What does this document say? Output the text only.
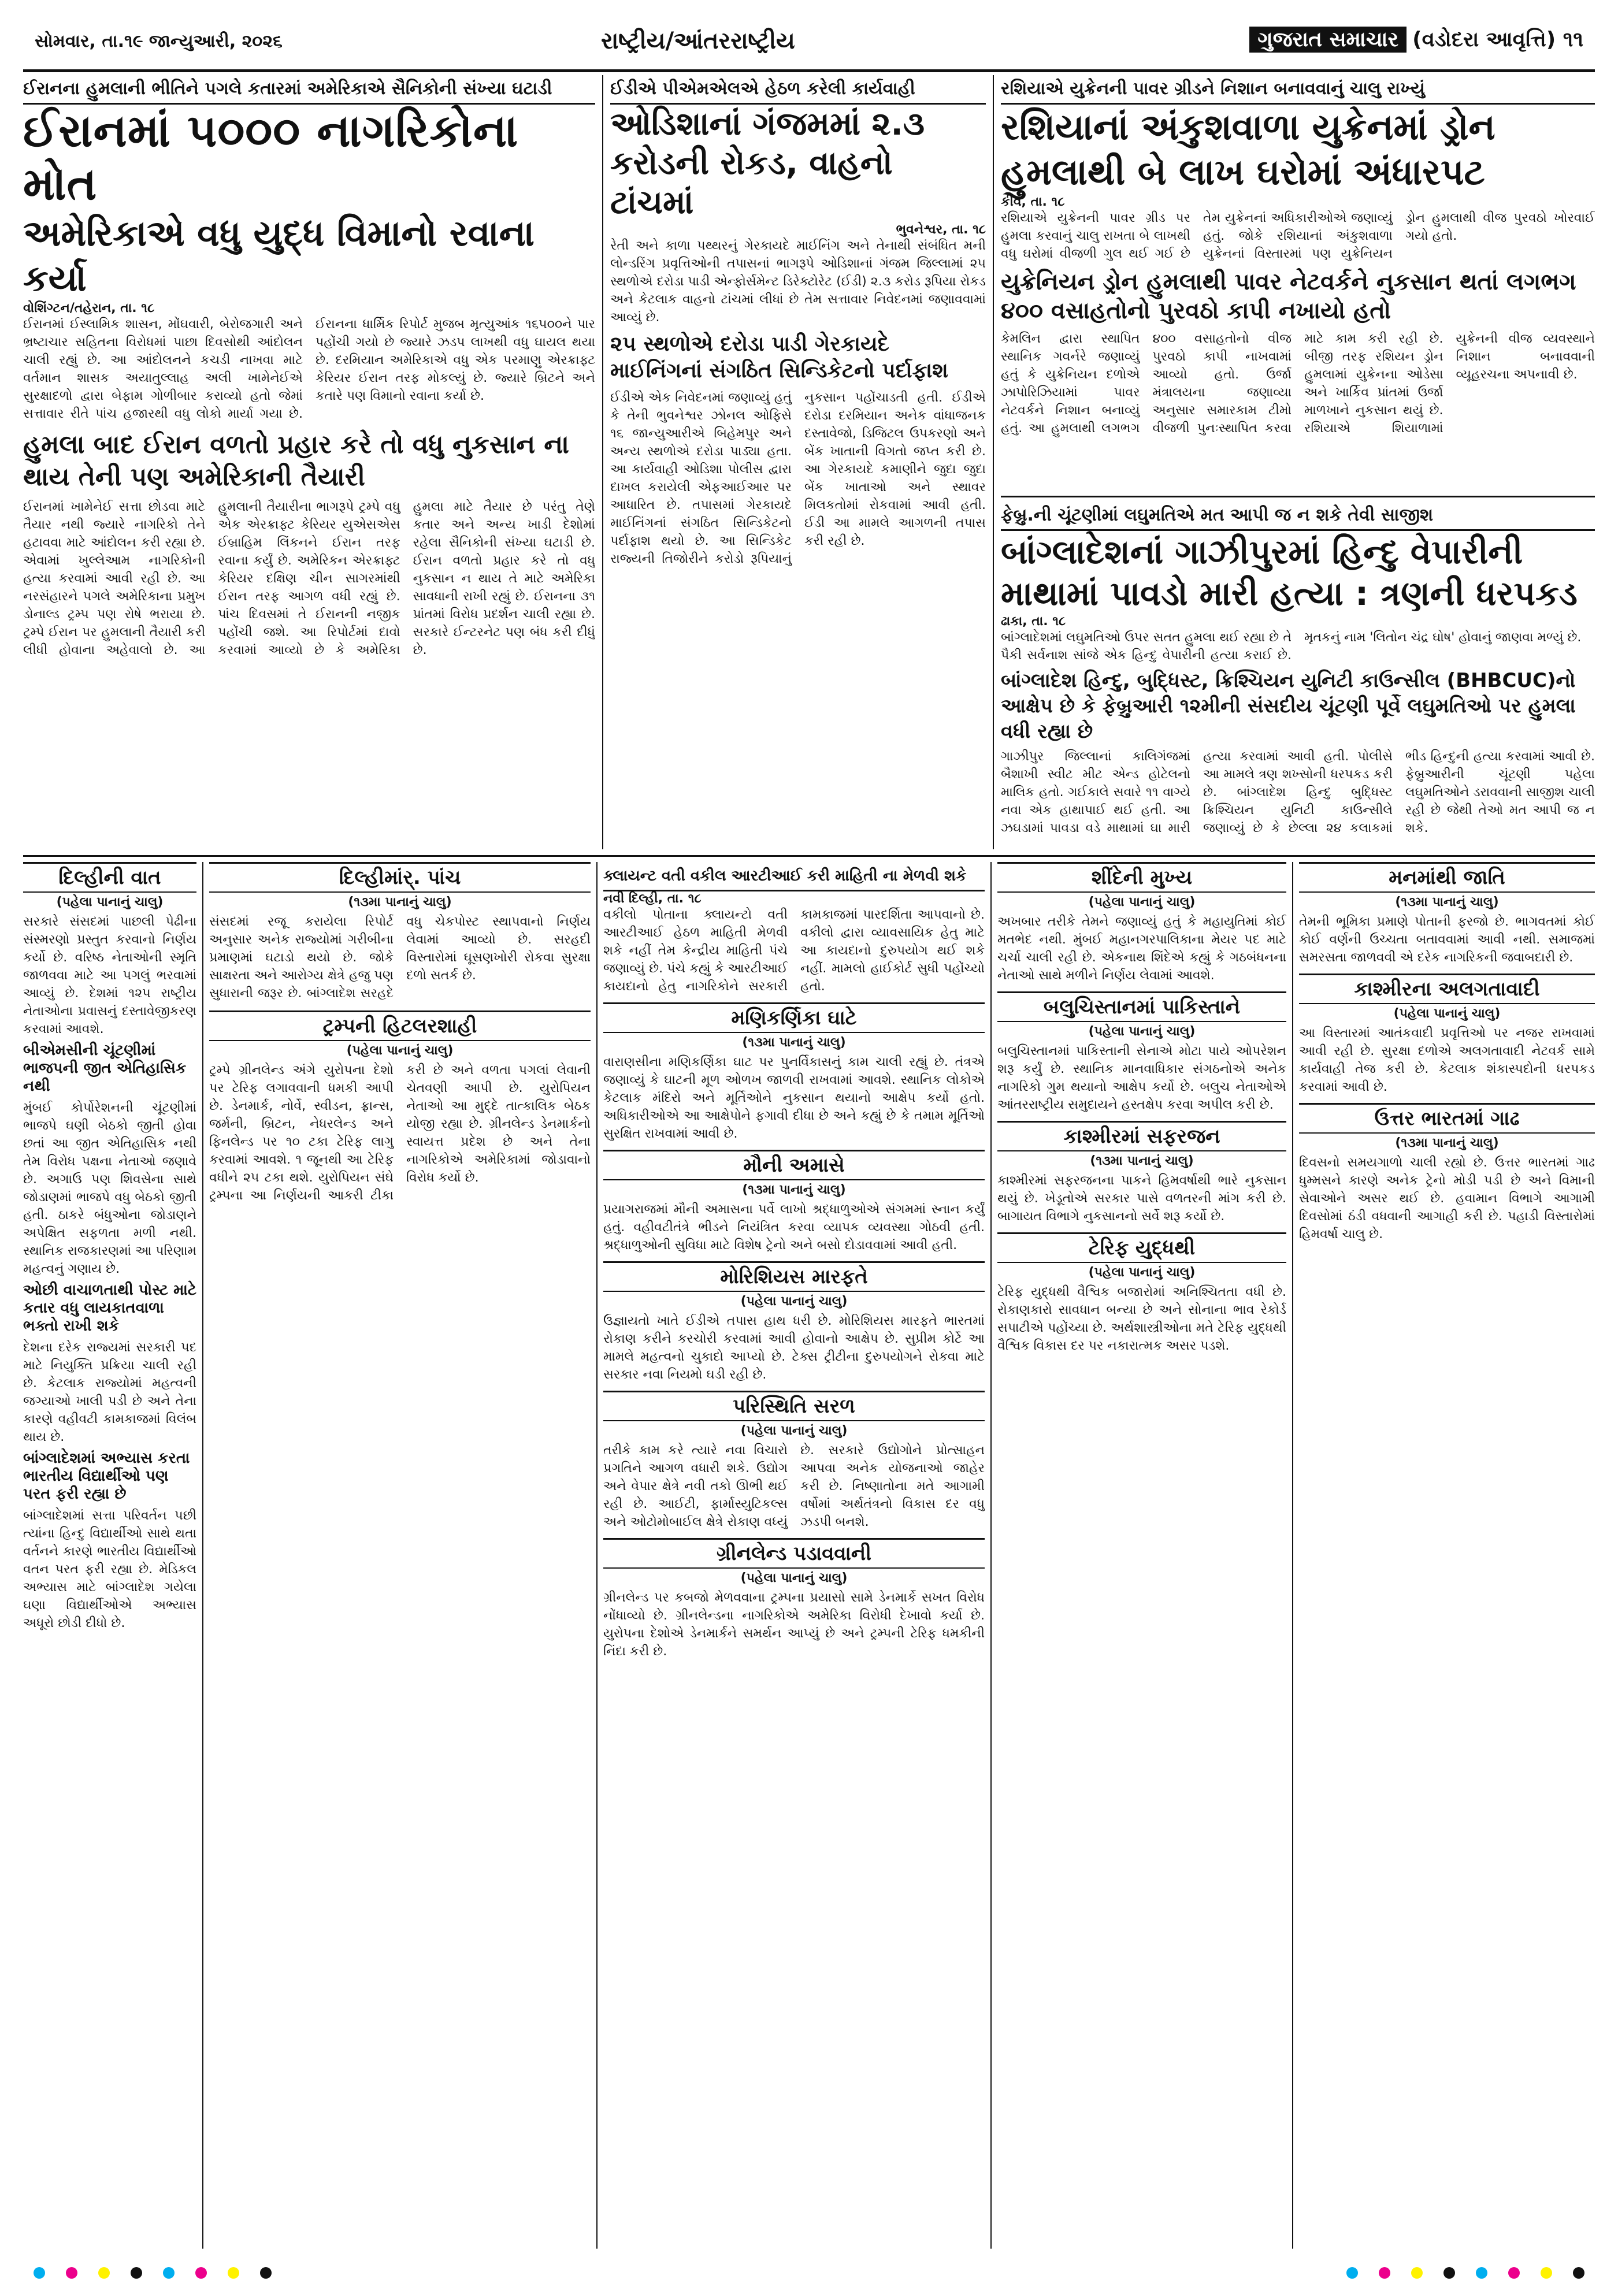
સોમવાર, તા.૧૯ જાન્યુઆરી, ૨૦૨૬	રાષ્ટ્રીય/આંતરરાષ્ટ્રીય	ગુજરાત સમાચાર (વડોદરા આવૃત્તિ) ૧૧
ઈરાનના હુમલાની ભીતિને પગલે કતારમાં અમેરિકાએ સૈનિકોની સંખ્યા ઘટાડી
ઈરાનમાં ૫૦૦૦ નાગરિકોના મોત
અમેરિકાએ વધુ યુદ્ધ વિમાનો રવાના કર્યા
વોશિંગ્ટન/તહેરાન, તા. ૧૮
ઈરાનમાં ઈસ્લામિક શાસન, મોંઘવારી, બેરોજગારી અને ભ્રષ્ટાચાર સહિતના વિરોધમાં પાછા દિવસોથી આંદોલન ચાલી રહ્યું છે. આ આંદોલનને કચડી નાખવા માટે વર્તમાન શાસક અયાતુલ્લાહ અલી ખામેનેઈએ સુરક્ષાદળો દ્વારા બેફામ ગોળીબાર કરાવ્યો હતો જેમાં સત્તાવાર રીતે પાંચ હજારથી વધુ લોકો માર્યા ગયા છે. ઈરાનના ધાર્મિક રિપોર્ટ મુજબ મૃત્યુઆંક ૧૬૫૦૦ને પાર પહોંચી ગયો છે જ્યારે ઝડપ લાખથી વધુ ઘાયલ થયા છે. દરમિયાન અમેરિકાએ વધુ એક પરમાણુ એરક્રાફ્ટ કેરિયર ઈરાન તરફ મોકલ્યું છે. જ્યારે બ્રિટને અને કતારે પણ વિમાનો રવાના કર્યા છે.
હુમલા બાદ ઈરાન વળતો પ્રહાર કરે તો વધુ નુકસાન ના થાય તેની પણ અમેરિકાની તૈયારી
ઈરાનમાં ખામેનેઈ સત્તા છોડવા માટે તૈયાર નથી જ્યારે નાગરિકો તેને હટાવવા માટે આંદોલન કરી રહ્યા છે. એવામાં ખુલ્લેઆમ નાગરિકોની હત્યા કરવામાં આવી રહી છે. આ નરસંહારને પગલે અમેરિકાના પ્રમુખ ડોનાલ્ડ ટ્રમ્પ પણ રોષે ભરાયા છે. ટ્રમ્પે ઈરાન પર હુમલાની તૈયારી કરી લીધી હોવાના અહેવાલો છે. આ હુમલાની તૈયારીના ભાગરૂપે ટ્રમ્પે વધુ એક એરક્રાફ્ટ કેરિયર યુએસએસ ઈબ્રાહિમ લિંકનને ઈરાન તરફ રવાના કર્યું છે. અમેરિકન એરક્રાફ્ટ કેરિયર દક્ષિણ ચીન સાગરમાંથી ઈરાન તરફ આગળ વધી રહ્યું છે. પાંચ દિવસમાં તે ઈરાનની નજીક પહોંચી જશે. આ રિપોર્ટમાં દાવો કરવામાં આવ્યો છે કે અમેરિકા હુમલા માટે તૈયાર છે પરંતુ તેણે કતાર અને અન્ય ખાડી દેશોમાં રહેલા સૈનિકોની સંખ્યા ઘટાડી છે. ઈરાન વળતો પ્રહાર કરે તો વધુ નુકસાન ન થાય તે માટે અમેરિકા સાવધાની રાખી રહ્યું છે. ઈરાનના ૩૧ પ્રાંતમાં વિરોધ પ્રદર્શન ચાલી રહ્યા છે. સરકારે ઈન્ટરનેટ પણ બંધ કરી દીધું છે.
ઈડીએ પીએમએલએ હેઠળ કરેલી કાર્યવાહી
ઓડિશાનાં ગંજમમાં ૨.૩ કરોડની રોકડ, વાહનો ટાંચમાં
ભુવનેશ્વર, તા. ૧૮
રેતી અને કાળા પથ્થરનું ગેરકાયદે માઈનિંગ અને તેનાથી સંબંધિત મની લોન્ડરિંગ પ્રવૃત્તિઓની તપાસનાં ભાગરૂપે ઓડિશાનાં ગંજમ જિલ્લામાં ૨૫ સ્થળોએ દરોડા પાડી એન્ફોર્સમેન્ટ ડિરેક્ટોરેટ (ઈડી) ૨.૩ કરોડ રૂપિયા રોકડ અને કેટલાક વાહનો ટાંચમાં લીધાં છે તેમ સત્તાવાર નિવેદનમાં જણાવવામાં આવ્યું છે.
૨૫ સ્થળોએ દરોડા પાડી ગેરકાયદે માઈનિંગનાં સંગઠિત સિન્ડિકેટનો પર્દાફાશ
ઈડીએ એક નિવેદનમાં જણાવ્યું હતું કે તેની ભુવનેશ્વર ઝોનલ ઓફિસે ૧૬ જાન્યુઆરીએ બિહેમપુર અને અન્ય સ્થળોએ દરોડા પાડ્યા હતા. આ કાર્યવાહી ઓડિશા પોલીસ દ્વારા દાખલ કરાયેલી એફઆઈઆર પર આધારિત છે. તપાસમાં ગેરકાયદે માઈનિંગનાં સંગઠિત સિન્ડિકેટનો પર્દાફાશ થયો છે. આ સિન્ડિકેટ રાજ્યની તિજોરીને કરોડો રૂપિયાનું નુકસાન પહોંચાડતી હતી. ઈડીએ દરોડા દરમિયાન અનેક વાંધાજનક દસ્તાવેજો, ડિજિટલ ઉપકરણો અને બેંક ખાતાની વિગતો જપ્ત કરી છે. આ ગેરકાયદે કમાણીને જુદા જુદા બેંક ખાતાઓ અને સ્થાવર મિલકતોમાં રોકવામાં આવી હતી. ઈડી આ મામલે આગળની તપાસ કરી રહી છે.
રશિયાએ યુક્રેનની પાવર ગ્રીડને નિશાન બનાવવાનું ચાલુ રાખ્યું
રશિયાનાં અંકુશવાળા યુક્રેનમાં ડ્રોન હુમલાથી બે લાખ ઘરોમાં અંધારપટ
કીવ, તા. ૧૮
રશિયાએ યુક્રેનની પાવર ગ્રીડ પર હુમલા કરવાનું ચાલુ રાખતા બે લાખથી વધુ ઘરોમાં વીજળી ગુલ થઈ ગઈ છે તેમ યુક્રેનનાં અધિકારીઓએ જણાવ્યું હતું. જોકે રશિયાનાં અંકુશવાળા યુક્રેનનાં વિસ્તારમાં પણ યુક્રેનિયન ડ્રોન હુમલાથી વીજ પુરવઠો ખોરવાઈ ગયો હતો.
યુક્રેનિયન ડ્રોન હુમલાથી પાવર નેટવર્કને નુકસાન થતાં લગભગ ૪૦૦ વસાહતોનો પુરવઠો કાપી નખાયો હતો
કેમલિન દ્વારા સ્થાપિત સ્થાનિક ગવર્નરે જણાવ્યું હતું કે યુક્રેનિયન દળોએ ઝાપોરિઝિયામાં પાવર નેટવર્કને નિશાન બનાવ્યું હતું. આ હુમલાથી લગભગ ૪૦૦ વસાહતોનો વીજ પુરવઠો કાપી નાખવામાં આવ્યો હતો. ઉર્જા મંત્રાલયના જણાવ્યા અનુસાર સમારકામ ટીમો વીજળી પુનઃસ્થાપિત કરવા માટે કામ કરી રહી છે. બીજી તરફ રશિયન ડ્રોન હુમલામાં યુક્રેનના ઓડેસા અને ખાર્કિવ પ્રાંતમાં ઉર્જા માળખાને નુકસાન થયું છે. રશિયાએ શિયાળામાં યુક્રેનની વીજ વ્યવસ્થાને નિશાન બનાવવાની વ્યૂહરચના અપનાવી છે.
ફેબ્રુ.ની ચૂંટણીમાં લઘુમતિએ મત આપી જ ન શકે તેવી સાજીશ
બાંગ્લાદેશનાં ગાઝીપુરમાં હિન્દુ વેપારીની માથામાં પાવડો મારી હત્યા : ત્રણની ધરપકડ
ઢાકા, તા. ૧૮
બાંગ્લાદેશમાં લઘુમતિઓ ઉપર સતત હુમલા થઈ રહ્યા છે તે પૈકી સર્વનાશ સાંજે એક હિન્દુ વેપારીની હત્યા કરાઈ છે. મૃતકનું નામ 'લિતોન ચંદ્ર ઘોષ' હોવાનું જાણવા મળ્યું છે.
બાંગ્લાદેશ હિન્દુ, બુદ્ધિસ્ટ, ક્રિશ્ચિયન યુનિટી કાઉન્સીલ (BHBCUC)નો આક્ષેપ છે કે ફેબ્રુઆરી ૧૨મીની સંસદીય ચૂંટણી પૂર્વે લઘુમતિઓ પર હુમલા વધી રહ્યા છે
ગાઝીપુર જિલ્લાનાં કાલિગંજમાં બૈશાખી સ્વીટ મીટ એન્ડ હોટેલનો માલિક હતો. ગઈકાલે સવારે ૧૧ વાગ્યે નવા એક હાથાપાઈ થઈ હતી. આ ઝઘડામાં પાવડા વડે માથામાં ઘા મારી હત્યા કરવામાં આવી હતી. પોલીસે આ મામલે ત્રણ શખ્સોની ધરપકડ કરી છે. બાંગ્લાદેશ હિન્દુ બુદ્ધિસ્ટ ક્રિશ્ચિયન યુનિટી કાઉન્સીલે જણાવ્યું છે કે છેલ્લા ૨૪ કલાકમાં ભીડ હિન્દુની હત્યા કરવામાં આવી છે. ફેબ્રુઆરીની ચૂંટણી પહેલા લઘુમતિઓને ડરાવવાની સાજીશ ચાલી રહી છે જેથી તેઓ મત આપી જ ન શકે.
દિલ્હીની વાત
(પહેલા પાનાનું ચાલુ)
સરકારે સંસદમાં પાછલી પેઢીના સંસ્મરણો પ્રસ્તુત કરવાનો નિર્ણય કર્યો છે. વરિષ્ઠ નેતાઓની સ્મૃતિ જાળવવા માટે આ પગલું ભરવામાં આવ્યું છે. દેશમાં ૧૨૫ રાષ્ટ્રીય નેતાઓના પ્રવાસનું દસ્તાવેજીકરણ કરવામાં આવશે.
બીએમસીની ચૂંટણીમાં ભાજપની જીત એતિહાસિક નથી
મુંબઈ કોર્પોરેશનની ચૂંટણીમાં ભાજપે ઘણી બેઠકો જીતી હોવા છતાં આ જીત એતિહાસિક નથી તેમ વિરોધ પક્ષના નેતાઓ જણાવે છે. અગાઉ પણ શિવસેના સાથે જોડાણમાં ભાજપે વધુ બેઠકો જીતી હતી. ઠાકરે બંધુઓના જોડાણને અપેક્ષિત સફળતા મળી નથી. સ્થાનિક રાજકારણમાં આ પરિણામ મહત્વનું ગણાય છે.
ઓછી વાચાળતાથી પોસ્ટ માટે કતાર વધુ લાયકાતવાળા ભક્તો રાખી શકે
દેશના દરેક રાજ્યમાં સરકારી પદ માટે નિયુક્તિ પ્રક્રિયા ચાલી રહી છે. કેટલાક રાજ્યોમાં મહત્વની જગ્યાઓ ખાલી પડી છે અને તેના કારણે વહીવટી કામકાજમાં વિલંબ થાય છે.
બાંગ્લાદેશમાં અભ્યાસ કરતા ભારતીય વિદ્યાર્થીઓ પણ પરત ફરી રહ્યા છે
બાંગ્લાદેશમાં સત્તા પરિવર્તન પછી ત્યાંના હિન્દુ વિદ્યાર્થીઓ સાથે થતા વર્તનને કારણે ભારતીય વિદ્યાર્થીઓ વતન પરત ફરી રહ્યા છે. મેડિકલ અભ્યાસ માટે બાંગ્લાદેશ ગયેલા ઘણા વિદ્યાર્થીઓએ અભ્યાસ અધૂરો છોડી દીધો છે.
દિલ્હીમાંર્. પાંચ
(૧૩મા પાનાનું ચાલુ)
સંસદમાં રજૂ કરાયેલા રિપોર્ટ અનુસાર અનેક રાજ્યોમાં ગરીબીના પ્રમાણમાં ઘટાડો થયો છે. જોકે સાક્ષરતા અને આરોગ્ય ક્ષેત્રે હજુ પણ સુધારાની જરૂર છે. બાંગ્લાદેશ સરહદે વધુ ચેકપોસ્ટ સ્થાપવાનો નિર્ણય લેવામાં આવ્યો છે. સરહદી વિસ્તારોમાં ઘૂસણખોરી રોકવા સુરક્ષા દળો સતર્ક છે.
ટ્રમ્પની હિટલરશાહી
(પહેલા પાનાનું ચાલુ)
ટ્રમ્પે ગ્રીનલેન્ડ અંગે યુરોપના દેશો પર ટેરિફ લગાવવાની ધમકી આપી છે. ડેનમાર્ક, નોર્વે, સ્વીડન, ફ્રાન્સ, જર્મની, બ્રિટન, નેધરલેન્ડ અને ફિનલેન્ડ પર ૧૦ ટકા ટેરિફ લાગુ કરવામાં આવશે. ૧ જૂનથી આ ટેરિફ વધીને ૨૫ ટકા થશે. યુરોપિયન સંઘે ટ્રમ્પના આ નિર્ણયની આકરી ટીકા કરી છે અને વળતા પગલાં લેવાની ચેતવણી આપી છે. યુરોપિયન નેતાઓ આ મુદ્દે તાત્કાલિક બેઠક યોજી રહ્યા છે. ગ્રીનલેન્ડ ડેનમાર્કનો સ્વાયત્ત પ્રદેશ છે અને તેના નાગરિકોએ અમેરિકામાં જોડાવાનો વિરોધ કર્યો છે.
ક્લાયન્ટ વતી વકીલ આરટીઆઈ કરી માહિતી ના મેળવી શકે
નવી દિલ્હી, તા. ૧૮
વકીલો પોતાના ક્લાયન્ટો વતી આરટીઆઈ હેઠળ માહિતી મેળવી શકે નહીં તેમ કેન્દ્રીય માહિતી પંચે જણાવ્યું છે. પંચે કહ્યું કે આરટીઆઈ કાયદાનો હેતુ નાગરિકોને સરકારી કામકાજમાં પારદર્શિતા આપવાનો છે. વકીલો દ્વારા વ્યાવસાયિક હેતુ માટે આ કાયદાનો દુરુપયોગ થઈ શકે નહીં. મામલો હાઈકોર્ટ સુધી પહોંચ્યો હતો.
મણિકર્ણિકા ઘાટે
(૧૩મા પાનાનું ચાલુ)
વારાણસીના મણિકર્ણિકા ઘાટ પર પુનર્વિકાસનું કામ ચાલી રહ્યું છે. તંત્રએ જણાવ્યું કે ઘાટની મૂળ ઓળખ જાળવી રાખવામાં આવશે. સ્થાનિક લોકોએ કેટલાક મંદિરો અને મૂર્તિઓને નુકસાન થયાનો આક્ષેપ કર્યો હતો. અધિકારીઓએ આ આક્ષેપોને ફગાવી દીધા છે અને કહ્યું છે કે તમામ મૂર્તિઓ સુરક્ષિત રાખવામાં આવી છે.
મૌની અમાસે
(૧૩મા પાનાનું ચાલુ)
પ્રયાગરાજમાં મૌની અમાસના પર્વે લાખો શ્રદ્ધાળુઓએ સંગમમાં સ્નાન કર્યું હતું. વહીવટીતંત્રે ભીડને નિયંત્રિત કરવા વ્યાપક વ્યવસ્થા ગોઠવી હતી. શ્રદ્ધાળુઓની સુવિધા માટે વિશેષ ટ્રેનો અને બસો દોડાવવામાં આવી હતી.
મોરિશિયસ મારફતે
(પહેલા પાનાનું ચાલુ)
ઉજ્ઞાયતો ખાતે ઈડીએ તપાસ હાથ ધરી છે. મોરિશિયસ મારફતે ભારતમાં રોકાણ કરીને કરચોરી કરવામાં આવી હોવાનો આક્ષેપ છે. સુપ્રીમ કોર્ટે આ મામલે મહત્વનો ચુકાદો આપ્યો છે. ટેક્સ ટ્રીટીના દુરુપયોગને રોકવા માટે સરકાર નવા નિયમો ઘડી રહી છે.
પરિસ્થિતિ સરળ
(પહેલા પાનાનું ચાલુ)
તરીકે કામ કરે ત્યારે નવા વિચારો પ્રગતિને આગળ વધારી શકે. ઉદ્યોગ અને વેપાર ક્ષેત્રે નવી તકો ઊભી થઈ રહી છે. આઈટી, ફાર્માસ્યુટિકલ્સ અને ઓટોમોબાઈલ ક્ષેત્રે રોકાણ વધ્યું છે. સરકારે ઉદ્યોગોને પ્રોત્સાહન આપવા અનેક યોજનાઓ જાહેર કરી છે. નિષ્ણાતોના મતે આગામી વર્ષોમાં અર્થતંત્રનો વિકાસ દર વધુ ઝડપી બનશે.
ગ્રીનલેન્ડ પડાવવાની
(પહેલા પાનાનું ચાલુ)
ગ્રીનલેન્ડ પર કબજો મેળવવાના ટ્રમ્પના પ્રયાસો સામે ડેનમાર્કે સખત વિરોધ નોંધાવ્યો છે. ગ્રીનલેન્ડના નાગરિકોએ અમેરિકા વિરોધી દેખાવો કર્યા છે. યુરોપના દેશોએ ડેનમાર્કને સમર્થન આપ્યું છે અને ટ્રમ્પની ટેરિફ ધમકીની નિંદા કરી છે.
શીંદેની મુખ્ય
(પહેલા પાનાનું ચાલુ)
અખબાર તરીકે તેમને જણાવ્યું હતું કે મહાયુતિમાં કોઈ મતભેદ નથી. મુંબઈ મહાનગરપાલિકાના મેયર પદ માટે ચર્ચા ચાલી રહી છે. એકનાથ શિંદેએ કહ્યું કે ગઠબંધનના નેતાઓ સાથે મળીને નિર્ણય લેવામાં આવશે.
બલુચિસ્તાનમાં પાકિસ્તાને
(પહેલા પાનાનું ચાલુ)
બલુચિસ્તાનમાં પાકિસ્તાની સેનાએ મોટા પાયે ઓપરેશન શરૂ કર્યું છે. સ્થાનિક માનવાધિકાર સંગઠનોએ અનેક નાગરિકો ગુમ થયાનો આક્ષેપ કર્યો છે. બલુચ નેતાઓએ આંતરરાષ્ટ્રીય સમુદાયને હસ્તક્ષેપ કરવા અપીલ કરી છે.
કાશ્મીરમાં સફરજન
(૧૩મા પાનાનું ચાલુ)
કાશ્મીરમાં સફરજનના પાકને હિમવર્ષાથી ભારે નુકસાન થયું છે. ખેડૂતોએ સરકાર પાસે વળતરની માંગ કરી છે. બાગાયત વિભાગે નુકસાનનો સર્વે શરૂ કર્યો છે.
ટેરિફ યુદ્ધથી
(પહેલા પાનાનું ચાલુ)
ટેરિફ યુદ્ધથી વૈશ્વિક બજારોમાં અનિશ્ચિતતા વધી છે. રોકાણકારો સાવધાન બન્યા છે અને સોનાના ભાવ રેકોર્ડ સપાટીએ પહોંચ્યા છે. અર્થશાસ્ત્રીઓના મતે ટેરિફ યુદ્ધથી વૈશ્વિક વિકાસ દર પર નકારાત્મક અસર પડશે.
મનમાંથી જાતિ
(૧૩મા પાનાનું ચાલુ)
તેમની ભૂમિકા પ્રમાણે પોતાની ફરજો છે. ભાગવતમાં કોઈ કોઈ વર્ણની ઉચ્ચતા બતાવવામાં આવી નથી. સમાજમાં સમરસતા જાળવવી એ દરેક નાગરિકની જવાબદારી છે.
કાશ્મીરના અલગતાવાદી
(પહેલા પાનાનું ચાલુ)
આ વિસ્તારમાં આતંકવાદી પ્રવૃત્તિઓ પર નજર રાખવામાં આવી રહી છે. સુરક્ષા દળોએ અલગતાવાદી નેટવર્ક સામે કાર્યવાહી તેજ કરી છે. કેટલાક શંકાસ્પદોની ધરપકડ કરવામાં આવી છે.
ઉત્તર ભારતમાં ગાઢ
(૧૩મા પાનાનું ચાલુ)
દિવસનો સમયગાળો ચાલી રહ્યો છે. ઉત્તર ભારતમાં ગાઢ ધુમ્મસને કારણે અનેક ટ્રેનો મોડી પડી છે અને વિમાની સેવાઓને અસર થઈ છે. હવામાન વિભાગે આગામી દિવસોમાં ઠંડી વધવાની આગાહી કરી છે. પહાડી વિસ્તારોમાં હિમવર્ષા ચાલુ છે.
